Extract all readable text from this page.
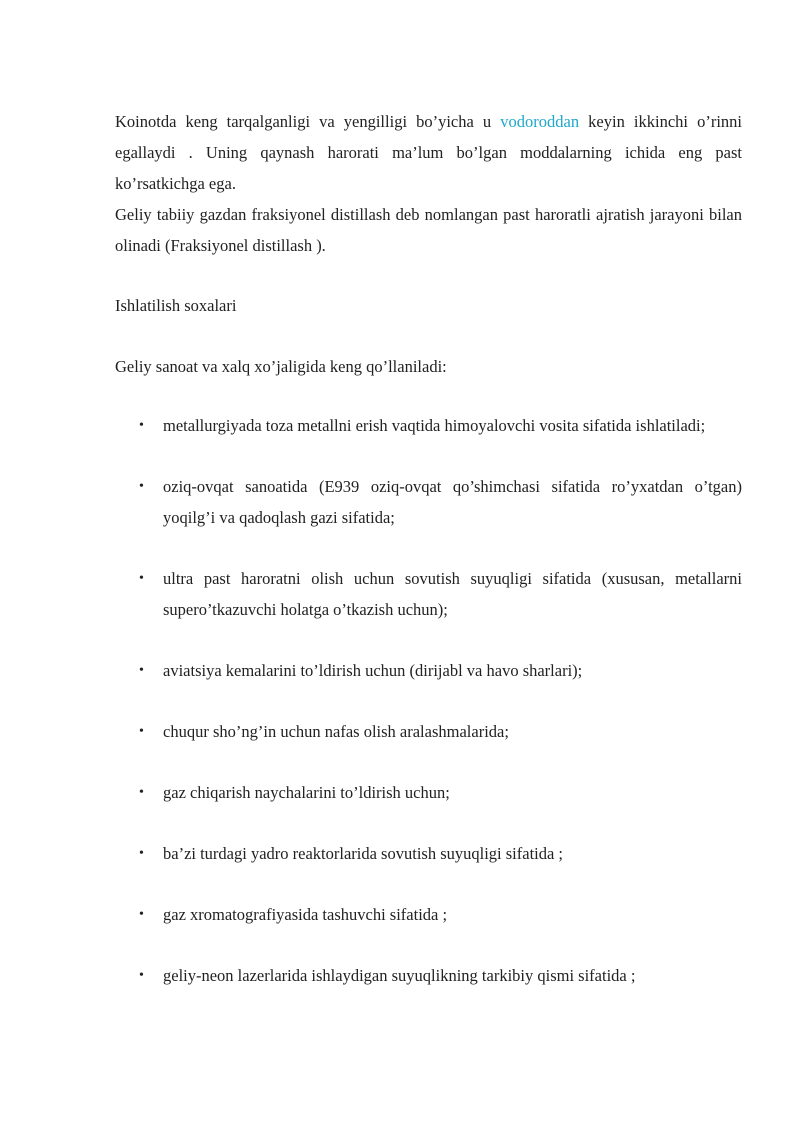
Koinotda keng tarqalganligi va yengilligi bo’yicha u vodoroddan keyin ikkinchi o’rinni egallaydi . Uning qaynash harorati ma’lum bo’lgan moddalarning ichida eng past ko’rsatkichga ega.

Geliy tabiiy gazdan fraksiyonel distillash deb nomlangan past haroratli ajratish jarayoni bilan olinadi (Fraksiyonel distillash ).

Ishlatilish soxalari

Geliy sanoat va xalq xo’jaligida keng qo’llaniladi:

• metallurgiyada toza metallni erish vaqtida himoyalovchi vosita sifatida ishlatiladi;
• oziq-ovqat sanoatida (E939 oziq-ovqat qo’shimchasi sifatida ro’yxatdan o’tgan) yoqilg’i va qadoqlash gazi sifatida;
• ultra past haroratni olish uchun sovutish suyuqligi sifatida (xususan, metallarni supero’tkazuvchi holatga o’tkazish uchun);
• aviatsiya kemalarini to’ldirish uchun (dirijabl va havo sharlari);
• chuqur sho’ng’in uchun nafas olish aralashmalarida;
• gaz chiqarish naychalarini to’ldirish uchun;
• ba’zi turdagi yadro reaktorlarida sovutish suyuqligi sifatida ;
• gaz xromatografiyasida tashuvchi sifatida ;
• geliy-neon lazerlarida ishlaydigan suyuqlikning tarkibiy qismi sifatida ;
